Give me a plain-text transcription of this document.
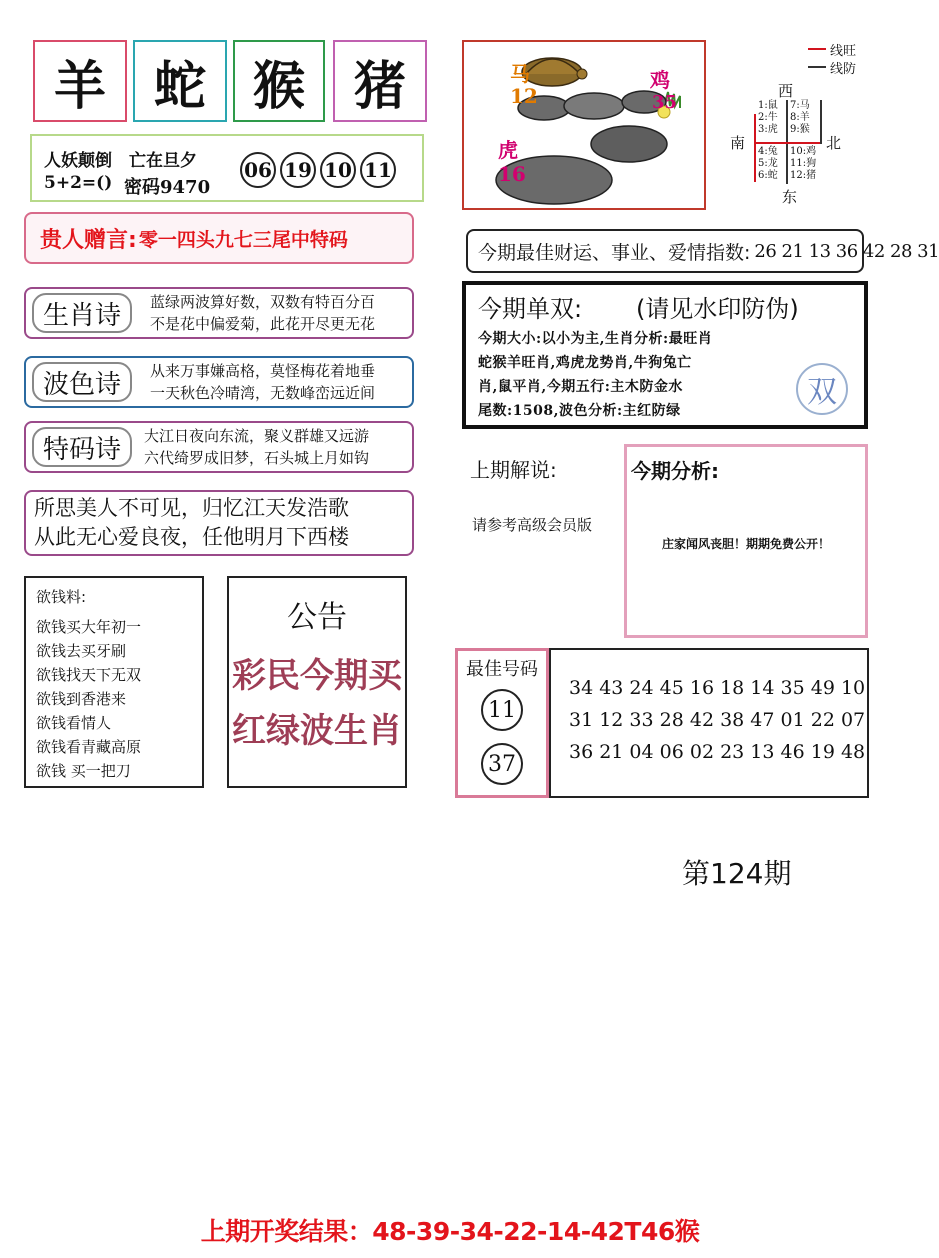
羊 蛇 猴 猪
人妖颠倒　亡在旦夕
5+2=() 密码9470
06 19 10 11
贵人赠言: 零一四头九七三尾中特码
生肖诗	蓝绿两波算好数，双数有特百分百
不是花中偏爱菊，此花开尽更无花
波色诗	从来万事嫌高格，莫怪梅花着地垂
一天秋色冷晴湾，无数峰峦远近间
特码诗	大江日夜向东流，聚义群雄又远游
六代绮罗成旧梦，石头城上月如钩
所思美人不可见，归忆江天发浩歌
从此无心爱良夜，任他明月下西楼
欲钱料:
欲钱买大年初一
欲钱去买牙刷
欲钱找天下无双
欲钱到香港来
欲钱看情人
欲钱看青藏高原
欲钱 买一把刀
公告
彩民今期买
红绿波生肖
马
12
鸡
35
虎
16
线旺
线防
西
南	北
东
1:鼠
2:牛
3:虎
7:马
8:羊
9:猴
4:兔
5:龙
6:蛇
10:鸡
11:狗
12:猪
今期最佳财运、事业、爱情指数: 26 21 13 36 42 28 31
今期单双: (请见水印防伪)
今期大小:以小为主,生肖分析:最旺肖
蛇猴羊旺肖,鸡虎龙势肖,牛狗兔亡
肖,鼠平肖,今期五行:主木防金水
尾数:1508,波色分析:主红防绿
双
上期解说:
请参考高级会员版
今期分析:
庄家闻风丧胆！期期免费公开！
最佳号码
11
37
34 43 24 45 16 18 14 35 49 10
31 12 33 28 42 38 47 01 22 07
36 21 04 06 02 23 13 46 19 48
第124期
上期开奖结果：48-39-34-22-14-42T46猴
